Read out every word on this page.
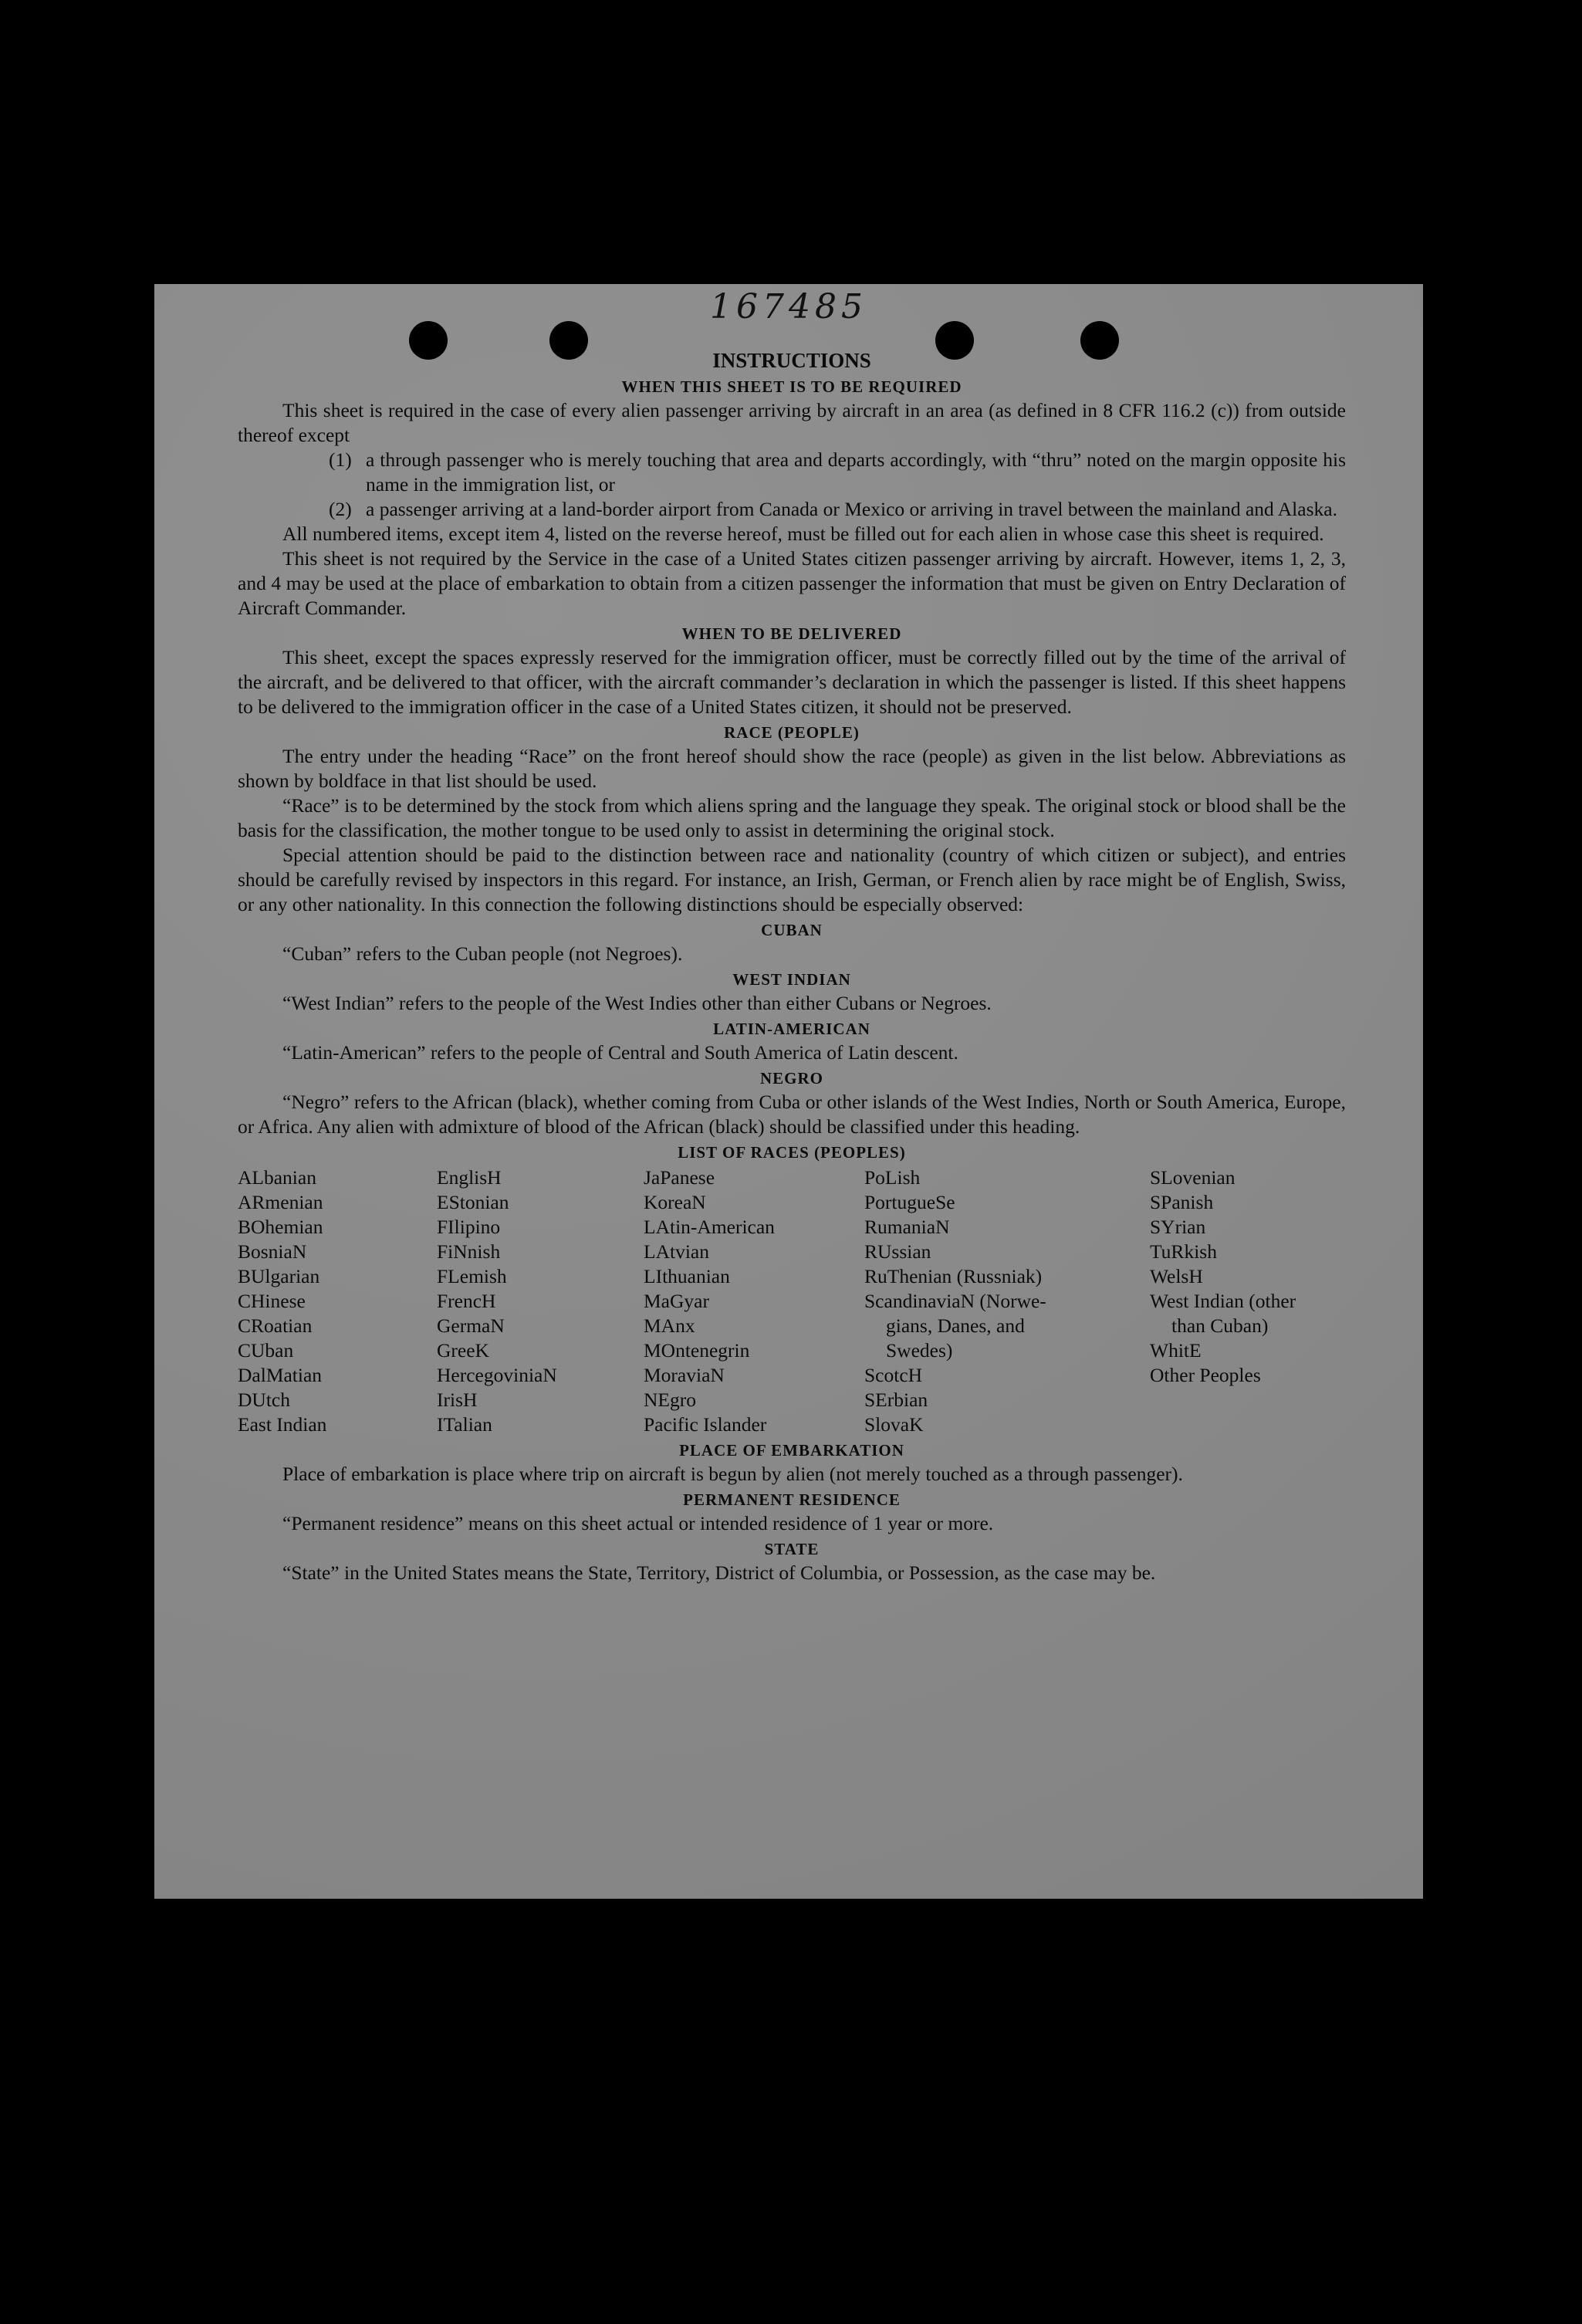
167485
INSTRUCTIONS
WHEN THIS SHEET IS TO BE REQUIRED

This sheet is required in the case of every alien passenger arriving by aircraft in an area (as defined in 8 CFR 116.2 (c)) from outside thereof except

(1) a through passenger who is merely touching that area and departs accordingly, with “thru” noted on the margin opposite his name in the immigration list, or
(2) a passenger arriving at a land-border airport from Canada or Mexico or arriving in travel between the mainland and Alaska.

All numbered items, except item 4, listed on the reverse hereof, must be filled out for each alien in whose case this sheet is required.

This sheet is not required by the Service in the case of a United States citizen passenger arriving by aircraft. However, items 1, 2, 3, and 4 may be used at the place of embarkation to obtain from a citizen passenger the information that must be given on Entry Declaration of Aircraft Commander.

WHEN TO BE DELIVERED

This sheet, except the spaces expressly reserved for the immigration officer, must be correctly filled out by the time of the arrival of the aircraft, and be delivered to that officer, with the aircraft commander’s declaration in which the passenger is listed. If this sheet happens to be delivered to the immigration officer in the case of a United States citizen, it should not be preserved.

RACE (PEOPLE)

The entry under the heading “Race” on the front hereof should show the race (people) as given in the list below. Abbreviations as shown by boldface in that list should be used.

“Race” is to be determined by the stock from which aliens spring and the language they speak. The original stock or blood shall be the basis for the classification, the mother tongue to be used only to assist in determining the original stock.

Special attention should be paid to the distinction between race and nationality (country of which citizen or subject), and entries should be carefully revised by inspectors in this regard. For instance, an Irish, German, or French alien by race might be of English, Swiss, or any other nationality. In this connection the following distinctions should be especially observed:

CUBAN

“Cuban” refers to the Cuban people (not Negroes).

WEST INDIAN

“West Indian” refers to the people of the West Indies other than either Cubans or Negroes.

LATIN-AMERICAN

“Latin-American” refers to the people of Central and South America of Latin descent.

NEGRO

“Negro” refers to the African (black), whether coming from Cuba or other islands of the West Indies, North or South America, Europe, or Africa. Any alien with admixture of blood of the African (black) should be classified under this heading.

LIST OF RACES (PEOPLES)
ALbanian
ARmenian
BOhemian
BosniaN
BUlgarian
CHinese
CRoatian
CUban
DalMatian
DUtch
East Indian
EnglisH
EStonian
FIlipino
FiNnish
FLemish
FrencH
GermaN
GreeK
HercegoviniaN
IrisH
ITalian
JaPanese
KoreaN
LAtin-American
LAtvian
LIthuanian
MaGyar
MAnx
MOntenegrin
MoraviaN
NEgro
Pacific Islander
PoLish
PortugueSe
RumaniaN
RUssian
RuThenian (Russniak)
ScandinaviaN (Norwe-
gians, Danes, and
Swedes)
ScotcH
SErbian
SlovaK
SLovenian
SPanish
SYrian
TuRkish
WelsH
West Indian (other
than Cuban)
WhitE
Other Peoples
PLACE OF EMBARKATION

Place of embarkation is place where trip on aircraft is begun by alien (not merely touched as a through passenger).

PERMANENT RESIDENCE

“Permanent residence” means on this sheet actual or intended residence of 1 year or more.

STATE

“State” in the United States means the State, Territory, District of Columbia, or Possession, as the case may be.
